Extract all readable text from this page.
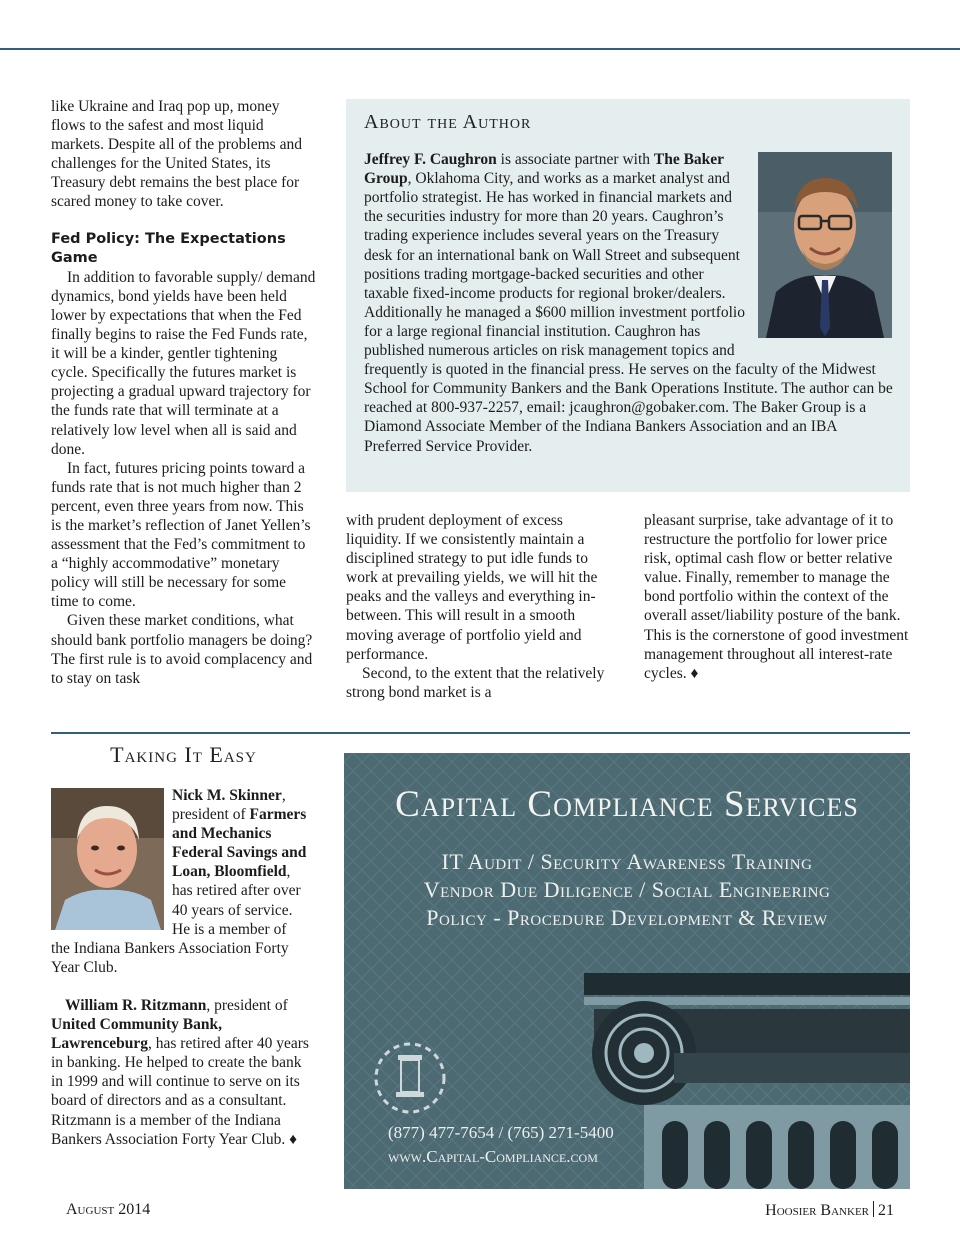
like Ukraine and Iraq pop up, money flows to the safest and most liquid markets. Despite all of the problems and challenges for the United States, its Treasury debt remains the best place for scared money to take cover.

Fed Policy: The Expectations Game

In addition to favorable supply/ demand dynamics, bond yields have been held lower by expectations that when the Fed finally begins to raise the Fed Funds rate, it will be a kinder, gentler tightening cycle. Specifically the futures market is projecting a gradual upward trajectory for the funds rate that will terminate at a relatively low level when all is said and done.

In fact, futures pricing points toward a funds rate that is not much higher than 2 percent, even three years from now. This is the market’s reflection of Janet Yellen’s assessment that the Fed’s commitment to a “highly accommodative” monetary policy will still be necessary for some time to come.

Given these market conditions, what should bank portfolio managers be doing? The first rule is to avoid complacency and to stay on task

About the Author

Jeffrey F. Caughron is associate partner with The Baker Group, Oklahoma City, and works as a market analyst and portfolio strategist. He has worked in financial markets and the securities industry for more than 20 years. Caughron’s trading experience includes several years on the Treasury desk for an international bank on Wall Street and subsequent positions trading mortgage-backed securities and other taxable fixed-income products for regional broker/dealers. Additionally he managed a $600 million investment portfolio for a large regional financial institution. Caughron has published numerous articles on risk management topics and frequently is quoted in the financial press. He serves on the faculty of the Midwest School for Community Bankers and the Bank Operations Institute. The author can be reached at 800-937-2257, email: jcaughron@gobaker.com. The Baker Group is a Diamond Associate Member of the Indiana Bankers Association and an IBA Preferred Service Provider.

with prudent deployment of excess liquidity. If we consistently maintain a disciplined strategy to put idle funds to work at prevailing yields, we will hit the peaks and the valleys and everything in-between. This will result in a smooth moving average of portfolio yield and performance.

Second, to the extent that the relatively strong bond market is a

pleasant surprise, take advantage of it to restructure the portfolio for lower price risk, optimal cash flow or better relative value. Finally, remember to manage the bond portfolio within the context of the overall asset/liability posture of the bank. This is the cornerstone of good investment management throughout all interest-rate cycles. ♦

Taking It Easy

Nick M. Skinner, president of Farmers and Mechanics Federal Savings and Loan, Bloomfield, has retired after over 40 years of service. He is a member of the Indiana Bankers Association Forty Year Club.

William R. Ritzmann, president of United Community Bank, Lawrenceburg, has retired after 40 years in banking. He helped to create the bank in 1999 and will continue to serve on its board of directors and as a consultant. Ritzmann is a member of the Indiana Bankers Association Forty Year Club. ♦

Capital Compliance Services

IT Audit / Security Awareness Training

Vendor Due Diligence / Social Engineering

Policy - Procedure Development & Review

(877) 477-7654 / (765) 271-5400

www.Capital-Compliance.com

August 2014	Hoosier Banker 21
